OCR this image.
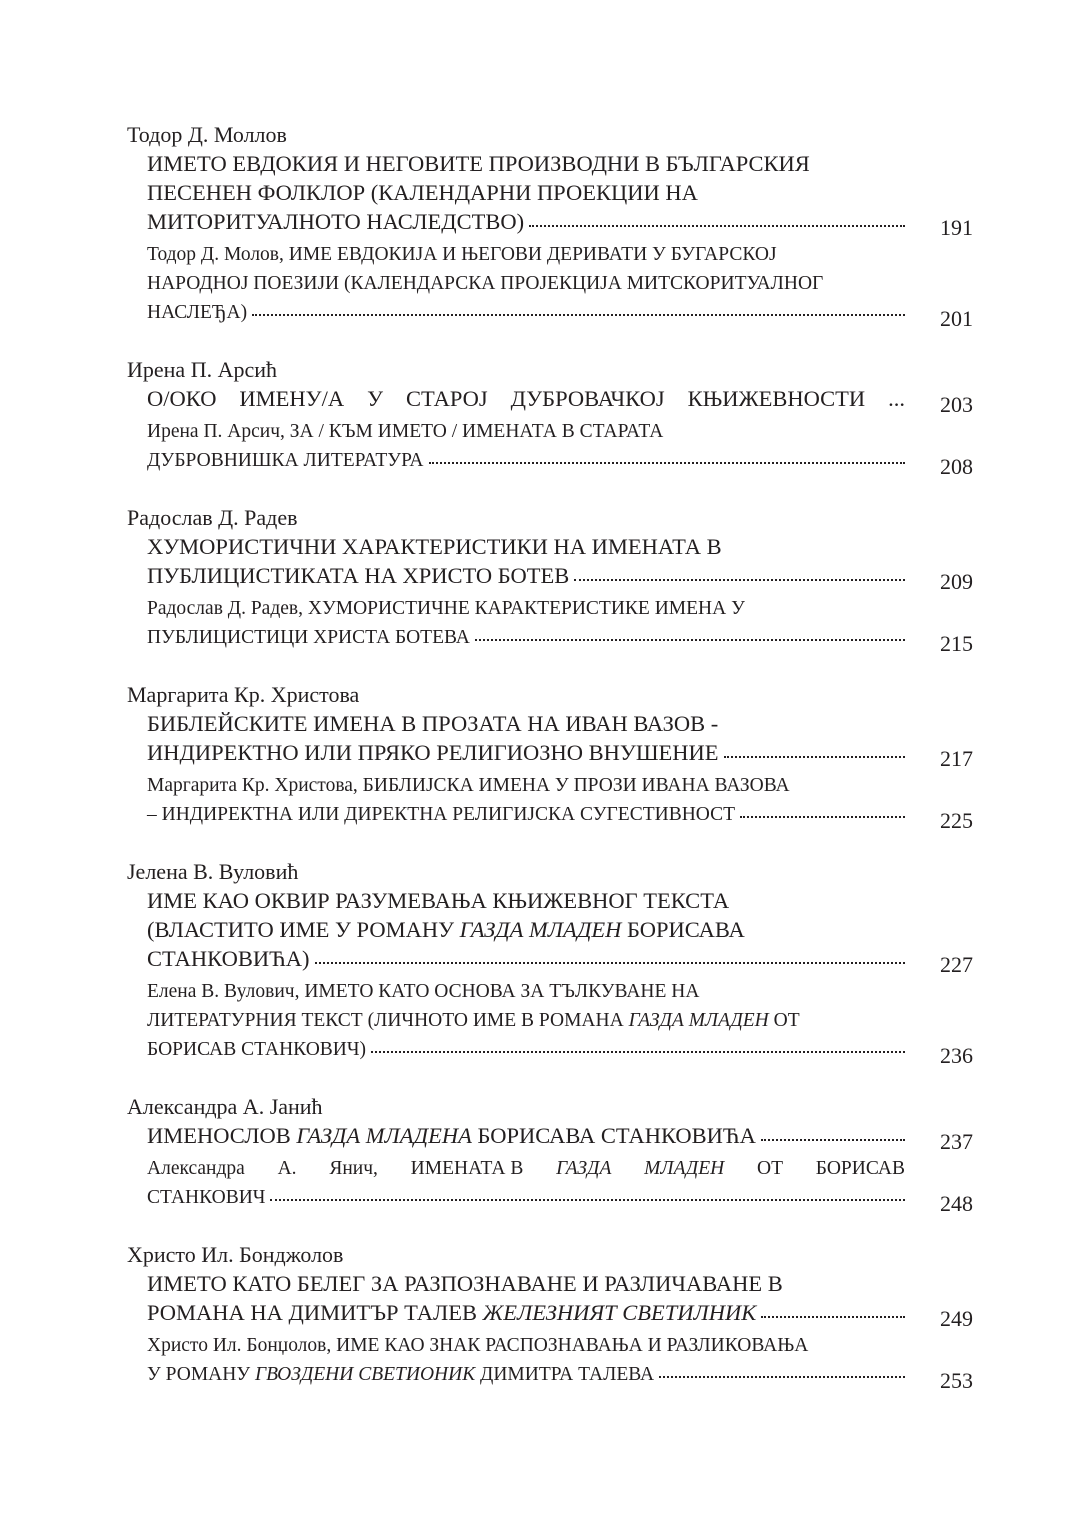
Тодор Д. Моллов
ИМЕТО ЕВДОКИЯ И НЕГОВИТЕ ПРОИЗВОДНИ В БЪЛГАРСКИЯ
ПЕСЕНЕН ФОЛКЛОР (КАЛЕНДАРНИ ПРОЕКЦИИ НА
МИТОРИТУАЛНОТО НАСЛЕДСТВО)	191
Тодор Д. Молов, ИМЕ ЕВДОКИЈА И ЊЕГОВИ ДЕРИВАТИ У БУГАРСКОЈ
НАРОДНОЈ ПОЕЗИЈИ (КАЛЕНДАРСКА ПРОЈЕКЦИЈА МИТСКОРИТУАЛНОГ
НАСЛЕЂА)	201
Ирена П. Арсић
О/ОКО ИМЕНУ/А У СТАРОЈ ДУБРОВАЧКОЈ КЊИЖЕВНОСТИ ...	203
Ирена П. Арсич, ЗА / КЪМ ИМЕТО / ИМЕНАТА В СТАРАТА
ДУБРОВНИШКА ЛИТЕРАТУРА	208
Радослав Д. Радев
ХУМОРИСТИЧНИ ХАРАКТЕРИСТИКИ НА ИМЕНАТА В
ПУБЛИЦИСТИКАТА НА ХРИСТО БОТЕВ	209
Радослав Д. Радев, ХУМОРИСТИЧНЕ КАРАКТЕРИСТИКЕ ИМЕНА У
ПУБЛИЦИСТИЦИ ХРИСТА БОТЕВА	215
Маргарита Кр. Христова
БИБЛЕЙСКИТЕ ИМЕНА В ПРОЗАТА НА ИВАН ВАЗОВ -
ИНДИРЕКТНО ИЛИ ПРЯКО РЕЛИГИОЗНО ВНУШЕНИЕ	217
Маргарита Кр. Христова, БИБЛИЈСКА ИМЕНА У ПРОЗИ ИВАНА ВАЗОВА
– ИНДИРЕКТНА ИЛИ ДИРЕКТНА РЕЛИГИЈСКА СУГЕСТИВНОСТ	225
Јелена В. Вуловић
ИМЕ КАО ОКВИР РАЗУМЕВАЊА КЊИЖЕВНОГ ТЕКСТА
(ВЛАСТИТО ИМЕ У РОМАНУ ГАЗДА МЛАДЕН БОРИСАВА
СТАНКОВИЋА)	227
Елена В. Вулович, ИМЕТО КАТО ОСНОВА ЗА ТЪЛКУВАНЕ НА
ЛИТЕРАТУРНИЯ ТЕКСТ (ЛИЧНОТО ИМЕ В РОМАНА ГАЗДА МЛАДЕН ОТ
БОРИСАВ СТАНКОВИЧ)	236
Александра А. Јанић
ИМЕНОСЛОВ ГАЗДА МЛАДЕНА БОРИСАВА СТАНКОВИЋА	237
Александра А. Янич, ИМЕНАТА В ГАЗДА МЛАДЕН ОТ БОРИСАВ
СТАНКОВИЧ	248
Христо Ил. Бонджолов
ИМЕТО КАТО БЕЛЕГ ЗА РАЗПОЗНАВАНЕ И РАЗЛИЧАВАНЕ В
РОМАНА НА ДИМИТЪР ТАЛЕВ ЖЕЛЕЗНИЯТ СВЕТИЛНИК	249
Христо Ил. Бонџолов, ИМЕ КАО ЗНАК РАСПОЗНАВАЊА И РАЗЛИКОВАЊА
У РОМАНУ ГВОЗДЕНИ СВЕТИОНИК ДИМИТРА ТАЛЕВА	253
